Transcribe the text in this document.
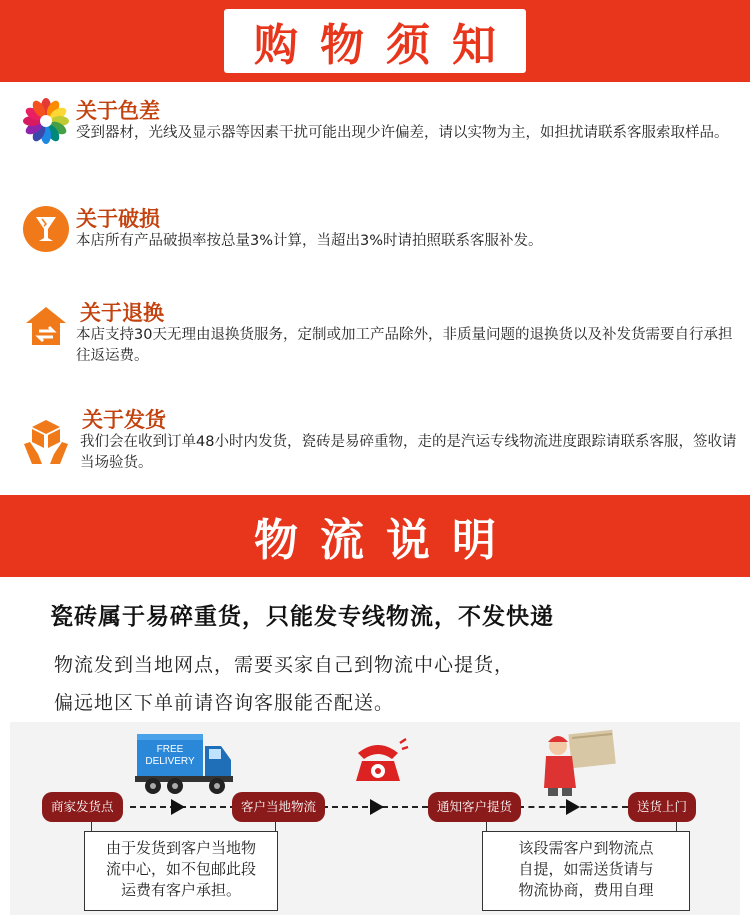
购物须知
关于色差
受到器材，光线及显示器等因素干扰可能出现少许偏差，请以实物为主，如担扰请联系客服索取样品。
关于破损
本店所有产品破损率按总量3%计算，当超出3%时请拍照联系客服补发。
关于退换
本店支持30天无理由退换货服务，定制或加工产品除外，非质量问题的退换货以及补发货需要自行承担往返运费。
关于发货
我们会在收到订单48小时内发货，瓷砖是易碎重物，走的是汽运专线物流进度跟踪请联系客服，签收请当场验货。
物流说明
瓷砖属于易碎重货，只能发专线物流，不发快递
物流发到当地网点，需要买家自己到物流中心提货，
偏远地区下单前请咨询客服能否配送。
FREE
DELIVERY
商家发货点	客户当地物流	通知客户提货	送货上门
由于发货到客户当地物
流中心，如不包邮此段
运费有客户承担。
该段需客户到物流点
自提，如需送货请与
物流协商，费用自理
